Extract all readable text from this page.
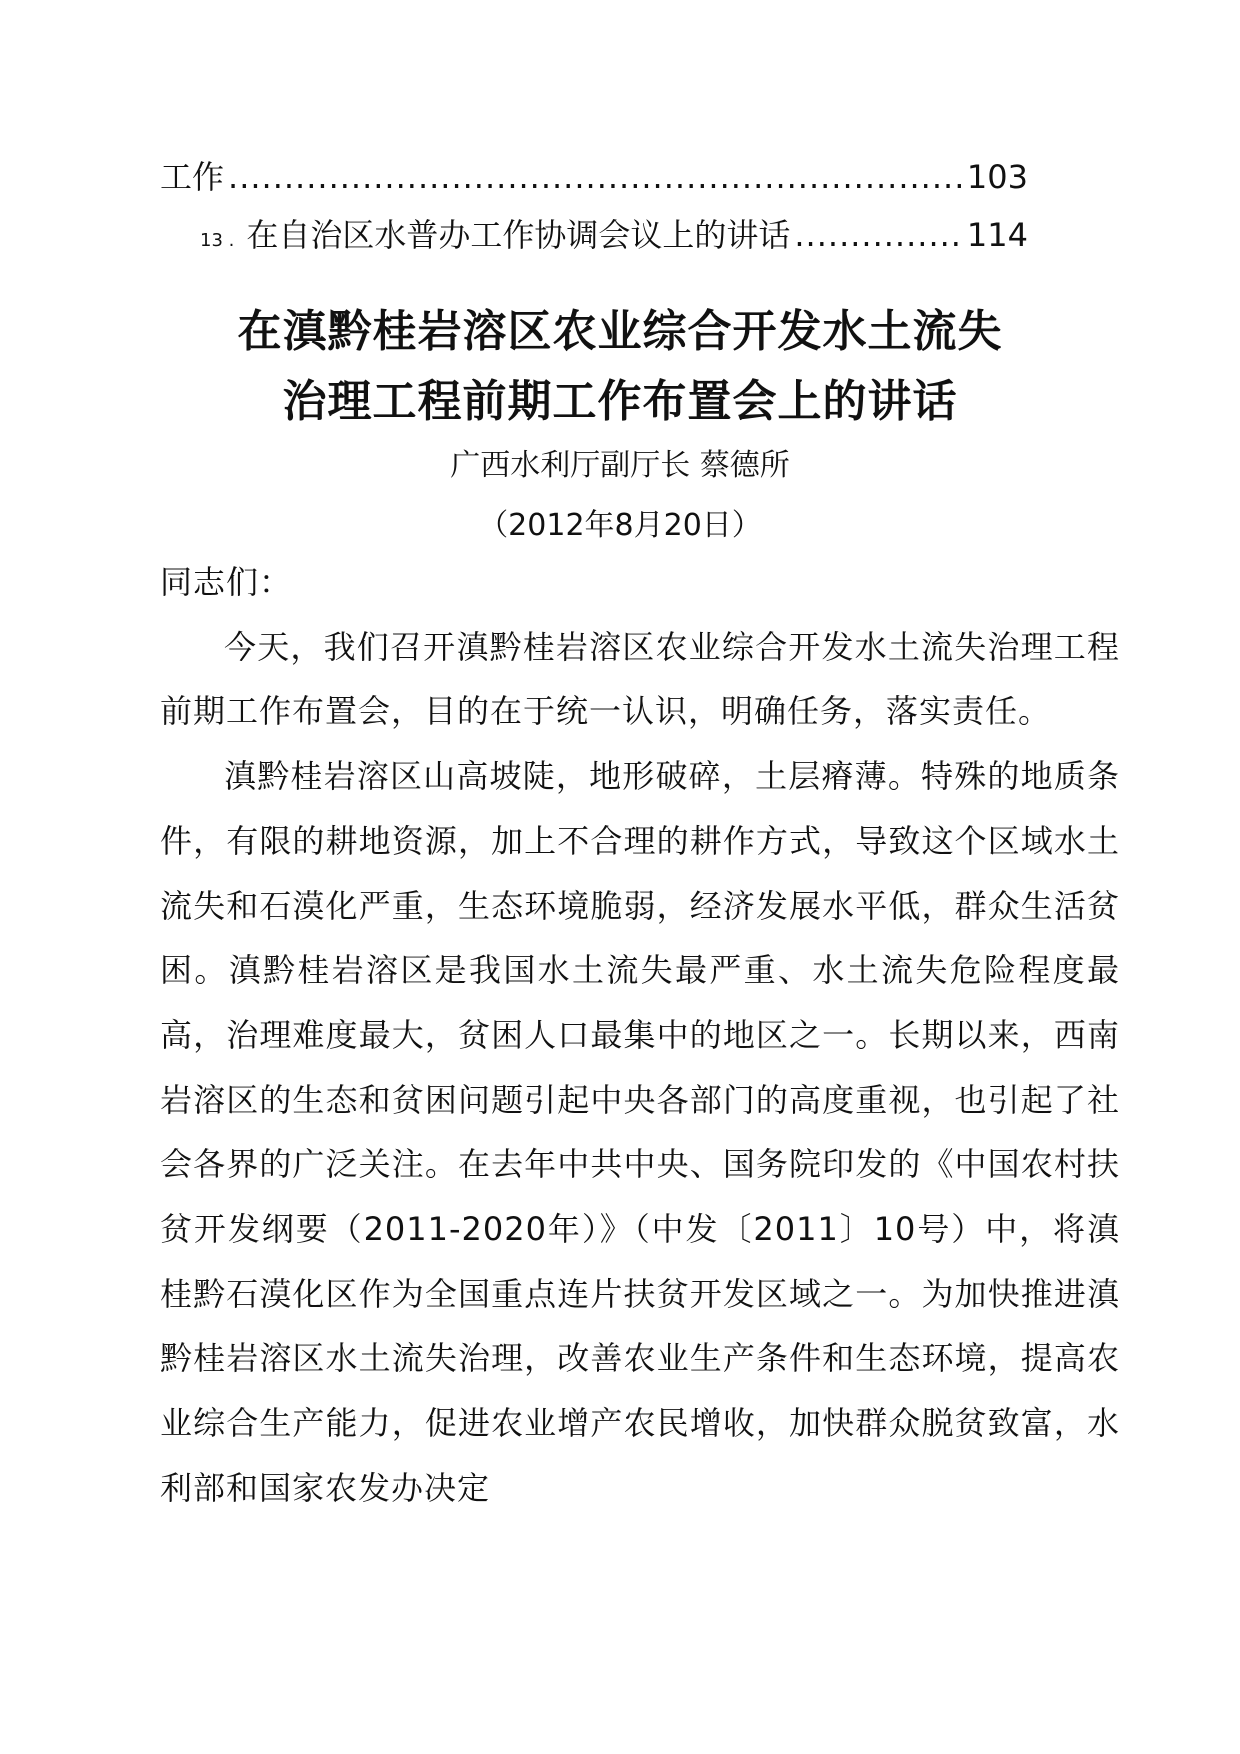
工作 .....	103
13 . 在自治区水普办工作协调会议上的讲话 .....	114
在滇黔桂岩溶区农业综合开发水土流失
治理工程前期工作布置会上的讲话
广西水利厅副厅长 蔡德所
（2012年8月20日）

同志们：

今天，我们召开滇黔桂岩溶区农业综合开发水土流失治理工程前期工作布置会，目的在于统一认识，明确任务，落实责任。

滇黔桂岩溶区山高坡陡，地形破碎，土层瘠薄。特殊的地质条件，有限的耕地资源，加上不合理的耕作方式，导致这个区域水土流失和石漠化严重，生态环境脆弱，经济发展水平低，群众生活贫困。滇黔桂岩溶区是我国水土流失最严重、水土流失危险程度最高，治理难度最大，贫困人口最集中的地区之一。长期以来，西南岩溶区的生态和贫困问题引起中央各部门的高度重视，也引起了社会各界的广泛关注。在去年中共中央、国务院印发的《中国农村扶贫开发纲要（2011-2020年）》（中发〔2011〕10号）中，将滇桂黔石漠化区作为全国重点连片扶贫开发区域之一。为加快推进滇黔桂岩溶区水土流失治理，改善农业生产条件和生态环境，提高农业综合生产能力，促进农业增产农民增收，加快群众脱贫致富，水利部和国家农发办决定
